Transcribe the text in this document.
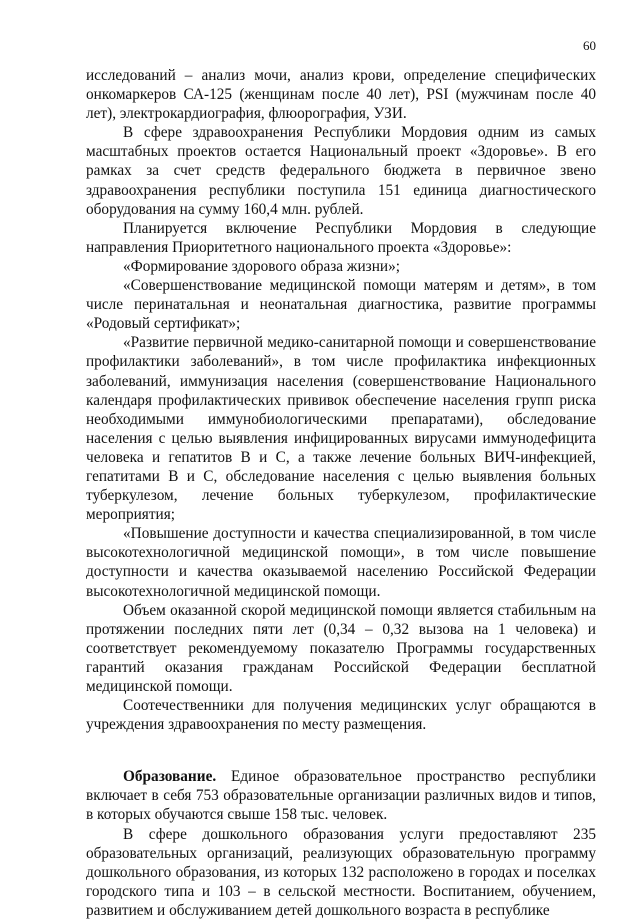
60

исследований – анализ мочи, анализ крови, определение специфических онкомаркеров СА-125 (женщинам после 40 лет), PSI (мужчинам после 40 лет), электрокардиография, флюорография, УЗИ.

В сфере здравоохранения Республики Мордовия одним из самых масштабных проектов остается Национальный проект «Здоровье». В его рамках за счет средств федерального бюджета в первичное звено здравоохранения республики поступила 151 единица диагностического оборудования на сумму 160,4 млн. рублей.

Планируется включение Республики Мордовия в следующие направления Приоритетного национального проекта «Здоровье»:

«Формирование здорового образа жизни»;

«Совершенствование медицинской помощи матерям и детям», в том числе перинатальная и неонатальная диагностика, развитие программы «Родовый сертификат»;

«Развитие первичной медико-санитарной помощи и совершенствование профилактики заболеваний», в том числе профилактика инфекционных заболеваний, иммунизация населения (совершенствование Национального календаря профилактических прививок обеспечение населения групп риска необходимыми иммунобиологическими препаратами), обследование населения с целью выявления инфицированных вирусами иммунодефицита человека и гепатитов В и С, а также лечение больных ВИЧ-инфекцией, гепатитами В и С, обследование населения с целью выявления больных туберкулезом, лечение больных туберкулезом, профилактические мероприятия;

«Повышение доступности и качества специализированной, в том числе высокотехнологичной медицинской помощи», в том числе повышение доступности и качества оказываемой населению Российской Федерации высокотехнологичной медицинской помощи.

Объем оказанной скорой медицинской помощи является стабильным на протяжении последних пяти лет (0,34 – 0,32 вызова на 1 человека) и соответствует рекомендуемому показателю Программы государственных гарантий оказания гражданам Российской Федерации бесплатной медицинской помощи.

Соотечественники для получения медицинских услуг обращаются в учреждения здравоохранения по месту размещения.

Образование. Единое образовательное пространство республики включает в себя 753 образовательные организации различных видов и типов, в которых обучаются свыше 158 тыс. человек.

В сфере дошкольного образования услуги предоставляют 235 образовательных организаций, реализующих образовательную программу дошкольного образования, из которых 132 расположено в городах и поселках городского типа и 103 – в сельской местности. Воспитанием, обучением, развитием и обслуживанием детей дошкольного возраста в республике
